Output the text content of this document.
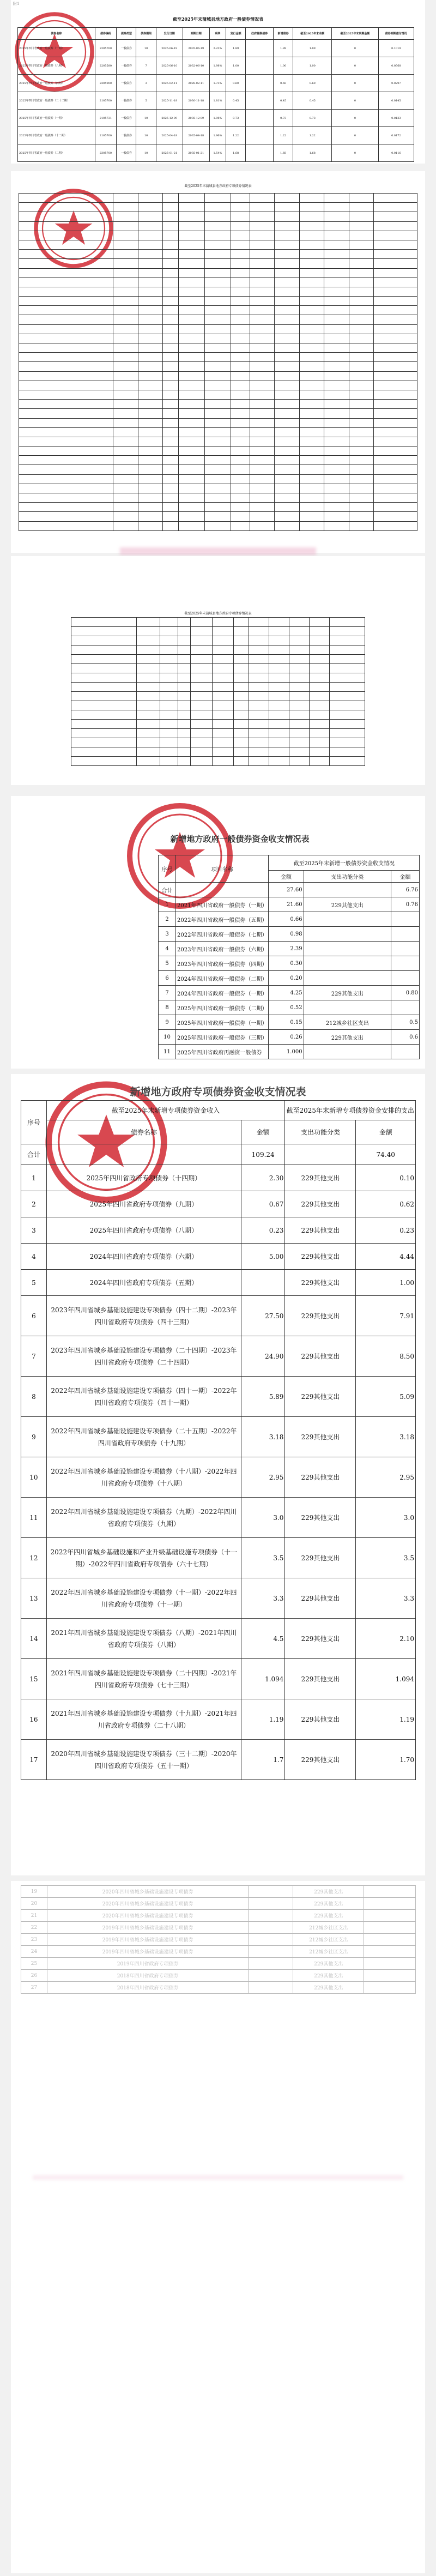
附1
截至2025年末蒲城县地方政府一般债券情况表
债券名称	债券编码	债券类型	债券期限	发行日期	到期日期	利率	发行金额	政府置换债券	新增债券	截至2025年末余额	截至2025年末到期金额	债券到期偿付情况
2025年四川省政府一般债券（一期）	2205700	一般债券	10	2025-06-19	2035-06-19	2.23%	1.89		1.89	1.89	0	0.1019
2025年四川省政府一般债券（八期）	2205580	一般债券	7	2025-06-10	2032-06-10	1.98%	1.00		1.00	1.00	0	0.0568
2025年四川省政府一般债券（四期）	2305900	一般债券	3	2025-02-11	2028-02-11	1.73%	0.60		0.60	0.60	0	0.0297
2025年四川省政府一般债券（二十二期）	2105700	一般债券	5	2025-11-18	2030-11-18	1.81%	0.45		0.45	0.45	0	0.0145
2025年四川省政府一般债券（一期）	2105731	一般债券	10	2025-12-09	2035-12-09	1.98%	0.73		0.73	0.73	0	0.0133
2025年四川省政府一般债券（十二期）	2105700	一般债券	10	2025-04-18	2035-04-18	1.96%	1.22		1.22	1.22	0	0.0172
2025年四川省政府一般债券（二期）	2305700	一般债券	10	2025-01-21	2035-01-21	1.54%	1.68		1.68	1.68	0	0.0116
截至2025年末蒲城县地方政府专项债券情况表

截至2025年末蒲城县地方政府专项债券情况表

新增地方政府一般债券资金收支情况表
序号	项目名称	截至2025年末新增一般债券资金收支情况		
		金额	支出功能分类	金额
合计		27.60		6.76
1	2021年四川省政府一般债券（一期）	21.60	229其他支出	0.76
2	2022年四川省政府一般债券（五期）	0.66		
3	2022年四川省政府一般债券（七期）	0.98		
4	2023年四川省政府一般债券（六期）	2.39		
5	2023年四川省政府一般债券（四期）	0.30		
6	2024年四川省政府一般债券（二期）	0.20		
7	2024年四川省政府一般债券（一期）	4.25	229其他支出	0.80
8	2025年四川省政府一般债券（二期）	0.52		
9	2025年四川省政府一般债券（一期）	0.15	212城乡社区支出	0.5
10	2025年四川省政府一般债券（三期）	0.26	229其他支出	0.6
11	2025年四川省政府再融资一般债券	1.000		
新增地方政府专项债券资金收支情况表
序号	截至2025年末新增专项债券资金收入		截至2025年末新增专项债券资金安排的支出	
	债券名称	金额	支出功能分类	金额

合计		109.24		74.40
1	2025年四川省政府专项债券（十四期）	2.30	229其他支出	0.10
2	2025年四川省政府专项债券（九期）	0.67	229其他支出	0.62
3	2025年四川省政府专项债券（八期）	0.23	229其他支出	0.23
4	2024年四川省政府专项债券（六期）	5.00	229其他支出	4.44
5	2024年四川省政府专项债券（五期）		229其他支出	1.00
6	2023年四川省城乡基础设施建设专项债券（四十二期）-2023年四川省政府专项债券（四十三期）	27.50	229其他支出	7.91
7	2023年四川省城乡基础设施建设专项债券（二十四期）-2023年四川省政府专项债券（二十四期）	24.90	229其他支出	8.50
8	2022年四川省城乡基础设施建设专项债券（四十一期）-2022年四川省政府专项债券（四十一期）	5.89	229其他支出	5.09
9	2022年四川省城乡基础设施建设专项债券（二十五期）-2022年四川省政府专项债券（十九期）	3.18	229其他支出	3.18
10	2022年四川省城乡基础设施建设专项债券（十八期）-2022年四川省政府专项债券（十八期）	2.95	229其他支出	2.95
11	2022年四川省城乡基础设施建设专项债券（九期）-2022年四川省政府专项债券（九期）	3.0	229其他支出	3.0
12	2022年四川省城乡基础设施和产业升级基础设施专项债券（十一期）-2022年四川省政府专项债券（六十七期）	3.5	229其他支出	3.5
13	2022年四川省城乡基础设施建设专项债券（十一期）-2022年四川省政府专项债券（十一期）	3.3	229其他支出	3.3
14	2021年四川省城乡基础设施建设专项债券（八期）-2021年四川省政府专项债券（八期）	4.5	229其他支出	2.10
15	2021年四川省城乡基础设施建设专项债券（二十四期）-2021年四川省政府专项债券（七十三期）	1.094	229其他支出	1.094
16	2021年四川省城乡基础设施建设专项债券（十九期）-2021年四川省政府专项债券（二十八期）	1.19	229其他支出	1.19
17	2020年四川省城乡基础设施建设专项债券（三十二期）-2020年四川省政府专项债券（五十一期）	1.7	229其他支出	1.70
19	2020年四川省城乡基础设施建设专项债券		229其他支出	
20	2020年四川省城乡基础设施建设专项债券		229其他支出	
21	2020年四川省城乡基础设施建设专项债券		229其他支出	
22	2019年四川省城乡基础设施建设专项债券		212城乡社区支出	
23	2019年四川省城乡基础设施建设专项债券		212城乡社区支出	
24	2019年四川省城乡基础设施建设专项债券		212城乡社区支出	
25	2019年四川省政府专项债券		229其他支出	
26	2018年四川省政府专项债券		229其他支出	
27	2018年四川省政府专项债券		229其他支出	
